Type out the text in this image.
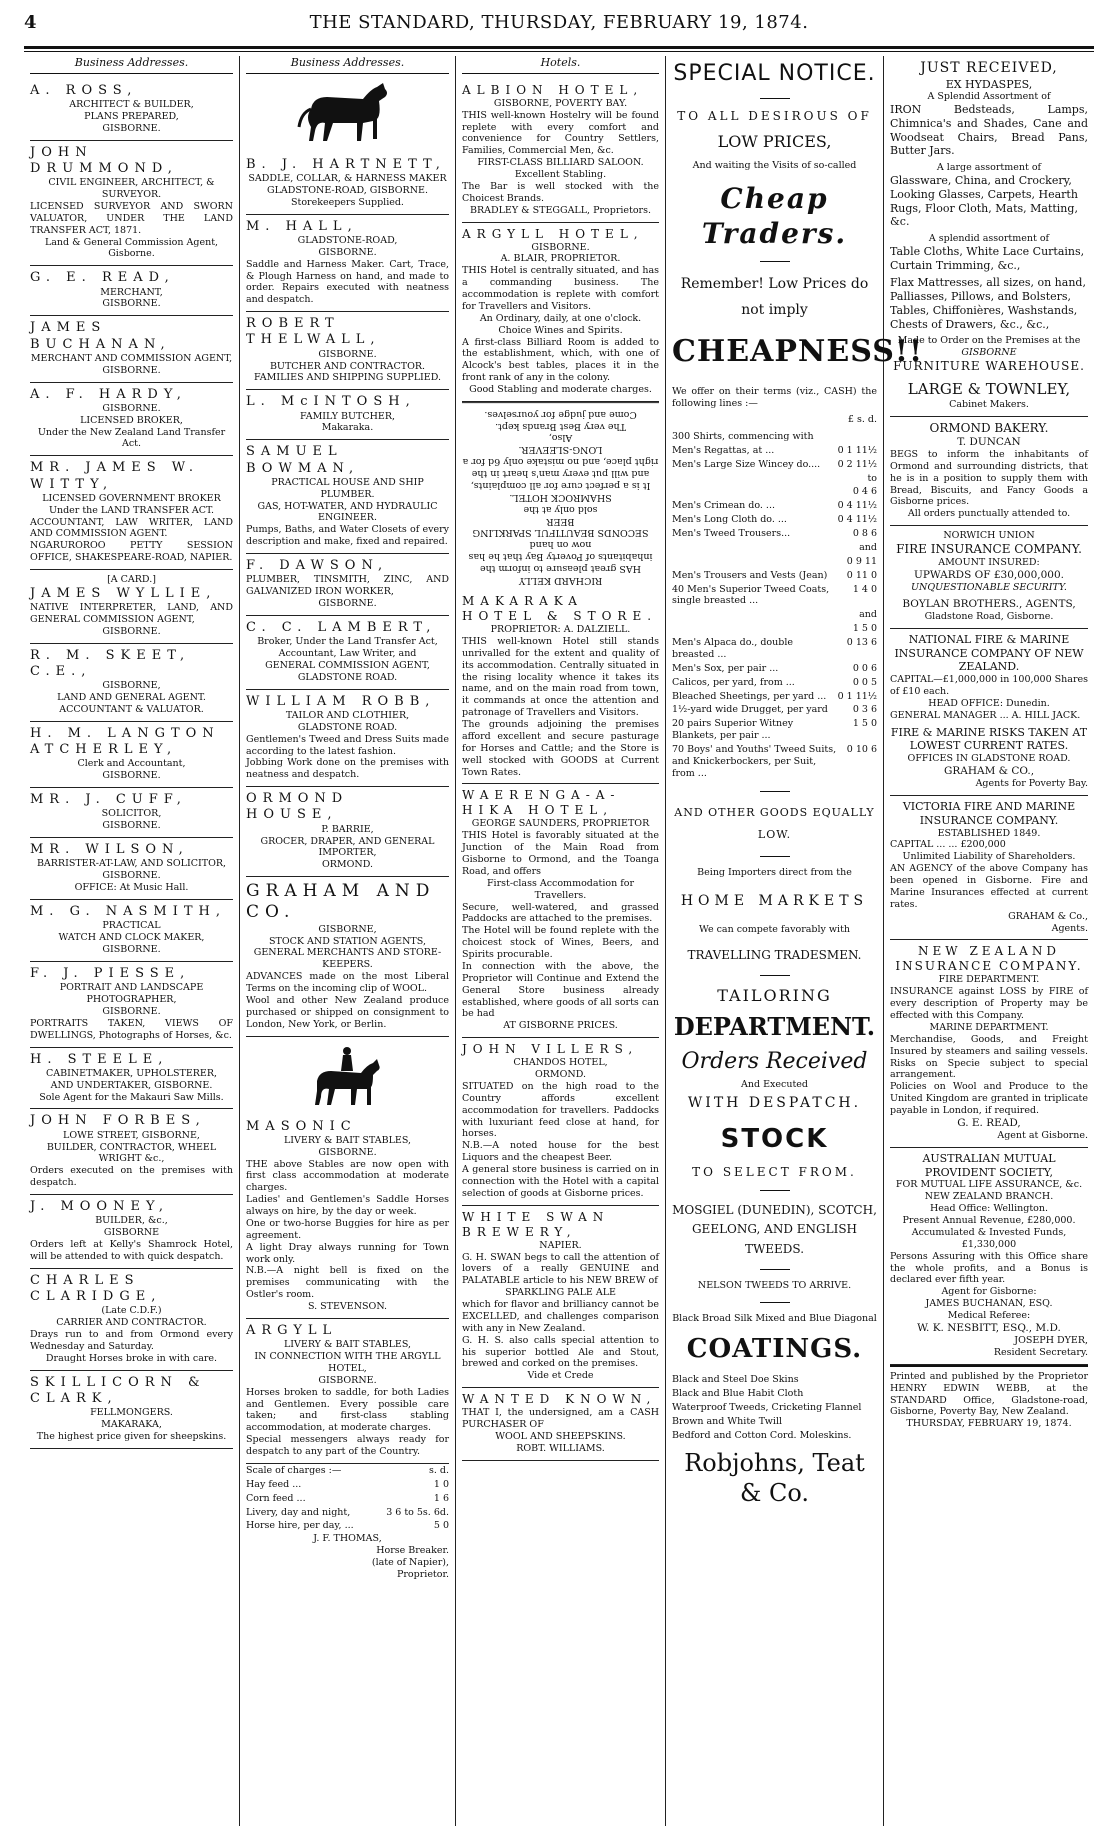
4	THE STANDARD, THURSDAY, FEBRUARY 19, 1874.
Business Addresses.
A. ROSS,
ARCHITECT & BUILDER,
PLANS PREPARED,
GISBORNE.
JOHN DRUMMOND,
CIVIL ENGINEER, ARCHITECT, & SURVEYOR.
LICENSED SURVEYOR AND SWORN VALUATOR, UNDER THE LAND TRANSFER ACT, 1871.
Land & General Commission Agent, Gisborne.
G. E. READ,
MERCHANT,
GISBORNE.
JAMES BUCHANAN,
MERCHANT AND COMMISSION AGENT,
GISBORNE.
A. F. HARDY,
GISBORNE.
LICENSED BROKER,
Under the New Zealand Land Transfer Act.
MR. JAMES W. WITTY,
LICENSED GOVERNMENT BROKER
Under the LAND TRANSFER ACT.
ACCOUNTANT, LAW WRITER, LAND AND COMMISSION AGENT.
NGARUROROO PETTY SESSION OFFICE, SHAKESPEARE-ROAD, NAPIER.
[A CARD.]
JAMES WYLLIE,
NATIVE INTERPRETER, LAND, AND GENERAL COMMISSION AGENT,
GISBORNE.
R. M. SKEET, C.E.,
GISBORNE,
LAND AND GENERAL AGENT.
ACCOUNTANT & VALUATOR.
H. M. LANGTON ATCHERLEY,
Clerk and Accountant,
GISBORNE.
MR. J. CUFF,
SOLICITOR,
GISBORNE.
MR. WILSON,
BARRISTER-AT-LAW, AND SOLICITOR,
GISBORNE.
OFFICE: At Music Hall.
M. G. NASMITH,
PRACTICAL
WATCH AND CLOCK MAKER,
GISBORNE.
F. J. PIESSE,
PORTRAIT AND LANDSCAPE
PHOTOGRAPHER,
GISBORNE.
PORTRAITS TAKEN, VIEWS OF DWELLINGS, Photographs of Horses, &c.
H. STEELE,
CABINETMAKER, UPHOLSTERER,
AND UNDERTAKER, GISBORNE.
Sole Agent for the Makauri Saw Mills.
JOHN FORBES,
LOWE STREET, GISBORNE,
BUILDER, CONTRACTOR, WHEEL WRIGHT &c.,
Orders executed on the premises with despatch.
J. MOONEY,
BUILDER, &c.,
GISBORNE
Orders left at Kelly's Shamrock Hotel, will be attended to with quick despatch.
CHARLES CLARIDGE,
(Late C.D.F.)
CARRIER AND CONTRACTOR.
Drays run to and from Ormond every Wednesday and Saturday.
Draught Horses broke in with care.
SKILLICORN & CLARK,
FELLMONGERS.
MAKARAKA,
The highest price given for sheepskins.
Business Addresses.
B. J. HARTNETT,
SADDLE, COLLAR, & HARNESS MAKER
GLADSTONE-ROAD, GISBORNE.
Storekeepers Supplied.
M. HALL,
GLADSTONE-ROAD,
GISBORNE.
Saddle and Harness Maker. Cart, Trace, & Plough Harness on hand, and made to order. Repairs executed with neatness and despatch.
ROBERT THELWALL,
GISBORNE.
BUTCHER AND CONTRACTOR.
FAMILIES AND SHIPPING SUPPLIED.
L. McINTOSH,
FAMILY BUTCHER,
Makaraka.
SAMUEL BOWMAN,
PRACTICAL HOUSE AND SHIP PLUMBER.
GAS, HOT-WATER, AND HYDRAULIC ENGINEER.
Pumps, Baths, and Water Closets of every description and make, fixed and repaired.
F. DAWSON,
PLUMBER, TINSMITH, ZINC, AND GALVANIZED IRON WORKER,
GISBORNE.
C. C. LAMBERT,
Broker, Under the Land Transfer Act,
Accountant, Law Writer, and
GENERAL COMMISSION AGENT,
GLADSTONE ROAD.
WILLIAM ROBB,
TAILOR AND CLOTHIER,
GLADSTONE ROAD.
Gentlemen's Tweed and Dress Suits made according to the latest fashion.
Jobbing Work done on the premises with neatness and despatch.
ORMOND HOUSE,
P. BARRIE,
GROCER, DRAPER, AND GENERAL IMPORTER,
ORMOND.
GRAHAM AND CO.
GISBORNE,
STOCK AND STATION AGENTS,
GENERAL MERCHANTS AND STORE-KEEPERS.
ADVANCES made on the most Liberal Terms on the incoming clip of WOOL.
Wool and other New Zealand produce purchased or shipped on consignment to London, New York, or Berlin.
MASONIC
LIVERY & BAIT STABLES,
GISBORNE.
THE above Stables are now open with first class accommodation at moderate charges.
Ladies' and Gentlemen's Saddle Horses always on hire, by the day or week.
One or two-horse Buggies for hire as per agreement.
A light Dray always running for Town work only.
N.B.—A night bell is fixed on the premises communicating with the Ostler's room.
S. STEVENSON.
ARGYLL
LIVERY & BAIT STABLES,
IN CONNECTION WITH THE ARGYLL HOTEL,
GISBORNE.
Horses broken to saddle, for both Ladies and Gentlemen. Every possible care taken; and first-class stabling accommodation, at moderate charges.
Special messengers always ready for despatch to any part of the Country.
Scale of charges :—	s. d.
Hay feed ...	1 0
Corn feed ...	1 6
Livery, day and night,	3 6 to 5s. 6d.
Horse hire, per day, ...	5 0
J. F. THOMAS,
Horse Breaker.
(late of Napier),
Proprietor.
Hotels.
ALBION HOTEL,
GISBORNE, POVERTY BAY.
THIS well-known Hostelry will be found replete with every comfort and convenience for Country Settlers, Families, Commercial Men, &c.
FIRST-CLASS BILLIARD SALOON.
Excellent Stabling.
The Bar is well stocked with the Choicest Brands.
BRADLEY & STEGGALL, Proprietors.
ARGYLL HOTEL,
GISBORNE.
A. BLAIR, PROPRIETOR.
THIS Hotel is centrally situated, and has a commanding business. The accommodation is replete with comfort for Travellers and Visitors.
An Ordinary, daily, at one o'clock.
Choice Wines and Spirits.
A first-class Billiard Room is added to the establishment, which, with one of Alcock's best tables, places it in the front rank of any in the colony.
Good Stabling and moderate charges.
RICHARD KELLY
HAS great pleasure to inform the inhabitants of Poverty Bay that he has now on hand
SECONDS BEAUTIFUL SPARKLING BEER
sold only at the
SHAMROCK HOTEL.
It is a perfect cure for all complaints, and will put every man's heart in the right place, and no mistake only 6d for a
LONG-SLEEVER.
Also,
The very Best Brands kept.
Come and judge for yourselves.
MAKARAKA HOTEL & STORE.
PROPRIETOR: A. DALZIELL.
THIS well-known Hotel still stands unrivalled for the extent and quality of its accommodation. Centrally situated in the rising locality whence it takes its name, and on the main road from town, it commands at once the attention and patronage of Travellers and Visitors.
The grounds adjoining the premises afford excellent and secure pasturage for Horses and Cattle; and the Store is well stocked with GOODS at Current Town Rates.
WAERENGA-A-HIKA HOTEL,
GEORGE SAUNDERS, PROPRIETOR
THIS Hotel is favorably situated at the Junction of the Main Road from Gisborne to Ormond, and the Toanga Road, and offers
First-class Accommodation for Travellers.
Secure, well-watered, and grassed Paddocks are attached to the premises.
The Hotel will be found replete with the choicest stock of Wines, Beers, and Spirits procurable.
In connection with the above, the Proprietor will Continue and Extend the General Store business already established, where goods of all sorts can be had
AT GISBORNE PRICES.
JOHN VILLERS,
CHANDOS HOTEL,
ORMOND.
SITUATED on the high road to the Country affords excellent accommodation for travellers. Paddocks with luxuriant feed close at hand, for horses.
N.B.—A noted house for the best Liquors and the cheapest Beer.
A general store business is carried on in connection with the Hotel with a capital selection of goods at Gisborne prices.
WHITE SWAN BREWERY,
NAPIER.
G. H. SWAN begs to call the attention of lovers of a really GENUINE and PALATABLE article to his NEW BREW of
SPARKLING PALE ALE
which for flavor and brilliancy cannot be EXCELLED, and challenges comparison with any in New Zealand.
G. H. S. also calls special attention to his superior bottled Ale and Stout, brewed and corked on the premises.
Vide et Crede
WANTED KNOWN,
THAT I, the undersigned, am a CASH PURCHASER OF
WOOL AND SHEEPSKINS.
ROBT. WILLIAMS.
SPECIAL NOTICE.
TO ALL DESIROUS OF
LOW PRICES,
And waiting the Visits of so-called
Cheap Traders.
Remember! Low Prices do not imply
CHEAPNESS!!
We offer on their terms (viz., CASH) the following lines :—
£ s. d.
300 Shirts, commencing with	
Men's Regattas, at ...	0 1 11½
Men's Large Size Wincey do....	0 2 11½
	to
	0 4 6
Men's Crimean do. ...	0 4 11½
Men's Long Cloth do. ...	0 4 11½
Men's Tweed Trousers...	0 8 6
	and
	0 9 11
Men's Trousers and Vests (Jean)	0 11 0
40 Men's Superior Tweed Coats, single breasted ...	1 4 0
	and
	1 5 0
Men's Alpaca do., double breasted ...	0 13 6
Men's Sox, per pair ...	0 0 6
Calicos, per yard, from ...	0 0 5
Bleached Sheetings, per yard ...	0 1 11½
1½-yard wide Drugget, per yard	0 3 6
20 pairs Superior Witney Blankets, per pair ...	1 5 0
70 Boys' and Youths' Tweed Suits, and Knickerbockers, per Suit, from ...	0 10 6
AND OTHER GOODS EQUALLY LOW.
Being Importers direct from the
HOME MARKETS
We can compete favorably with
TRAVELLING TRADESMEN.
TAILORING
DEPARTMENT.
Orders Received
And Executed
WITH DESPATCH.
STOCK
TO SELECT FROM.
MOSGIEL (DUNEDIN), SCOTCH, GEELONG, AND ENGLISH TWEEDS.
NELSON TWEEDS TO ARRIVE.
Black Broad Silk Mixed and Blue Diagonal
COATINGS.
Black and Steel Doe Skins
Black and Blue Habit Cloth
Waterproof Tweeds, Cricketing Flannel
Brown and White Twill
Bedford and Cotton Cord. Moleskins.
Robjohns, Teat & Co.
JUST RECEIVED,
EX HYDASPES,
A Splendid Assortment of
IRON Bedsteads, Lamps, Chimnica's and Shades, Cane and Woodseat Chairs, Bread Pans, Butter Jars.
A large assortment of
Glassware, China, and Crockery, Looking Glasses, Carpets, Hearth Rugs, Floor Cloth, Mats, Matting, &c.
A splendid assortment of
Table Cloths, White Lace Curtains, Curtain Trimming, &c.,
Flax Mattresses, all sizes, on hand, Palliasses, Pillows, and Bolsters, Tables, Chiffonières, Washstands, Chests of Drawers, &c., &c.,
Made to Order on the Premises at the
GISBORNE
FURNITURE WAREHOUSE.
LARGE & TOWNLEY,
Cabinet Makers.
ORMOND BAKERY.
T. DUNCAN
BEGS to inform the inhabitants of Ormond and surrounding districts, that he is in a position to supply them with Bread, Biscuits, and Fancy Goods a Gisborne prices.
All orders punctually attended to.
NORWICH UNION
FIRE INSURANCE COMPANY.
AMOUNT INSURED:
UPWARDS OF £30,000,000.
UNQUESTIONABLE SECURITY.
BOYLAN BROTHERS., AGENTS,
Gladstone Road, Gisborne.
NATIONAL FIRE & MARINE INSURANCE COMPANY OF NEW ZEALAND.
CAPITAL—£1,000,000 in 100,000 Shares of £10 each.
HEAD OFFICE: Dunedin.
GENERAL MANAGER ... A. HILL JACK.
FIRE & MARINE RISKS TAKEN AT LOWEST CURRENT RATES.
OFFICES IN GLADSTONE ROAD.
GRAHAM & CO.,
Agents for Poverty Bay.
VICTORIA FIRE AND MARINE INSURANCE COMPANY.
ESTABLISHED 1849.
CAPITAL ... ... £200,000
Unlimited Liability of Shareholders.
AN AGENCY of the above Company has been opened in Gisborne. Fire and Marine Insurances effected at current rates.
GRAHAM & Co.,
Agents.
NEW ZEALAND
INSURANCE COMPANY.
FIRE DEPARTMENT.
INSURANCE against LOSS by FIRE of every description of Property may be effected with this Company.
MARINE DEPARTMENT.
Merchandise, Goods, and Freight Insured by steamers and sailing vessels. Risks on Specie subject to special arrangement.
Policies on Wool and Produce to the United Kingdom are granted in triplicate payable in London, if required.
G. E. READ,
Agent at Gisborne.
AUSTRALIAN MUTUAL PROVIDENT SOCIETY,
FOR MUTUAL LIFE ASSURANCE, &c.
NEW ZEALAND BRANCH.
Head Office: Wellington.
Present Annual Revenue, £280,000.
Accumulated & Invested Funds, £1,330,000
Persons Assuring with this Office share the whole profits, and a Bonus is declared ever fifth year.
Agent for Gisborne:
JAMES BUCHANAN, ESQ.
Medical Referee:
W. K. NESBITT, ESQ., M.D.
JOSEPH DYER,
Resident Secretary.
Printed and published by the Proprietor HENRY EDWIN WEBB, at the STANDARD Office, Gladstone-road, Gisborne, Poverty Bay, New Zealand.
THURSDAY, FEBRUARY 19, 1874.
